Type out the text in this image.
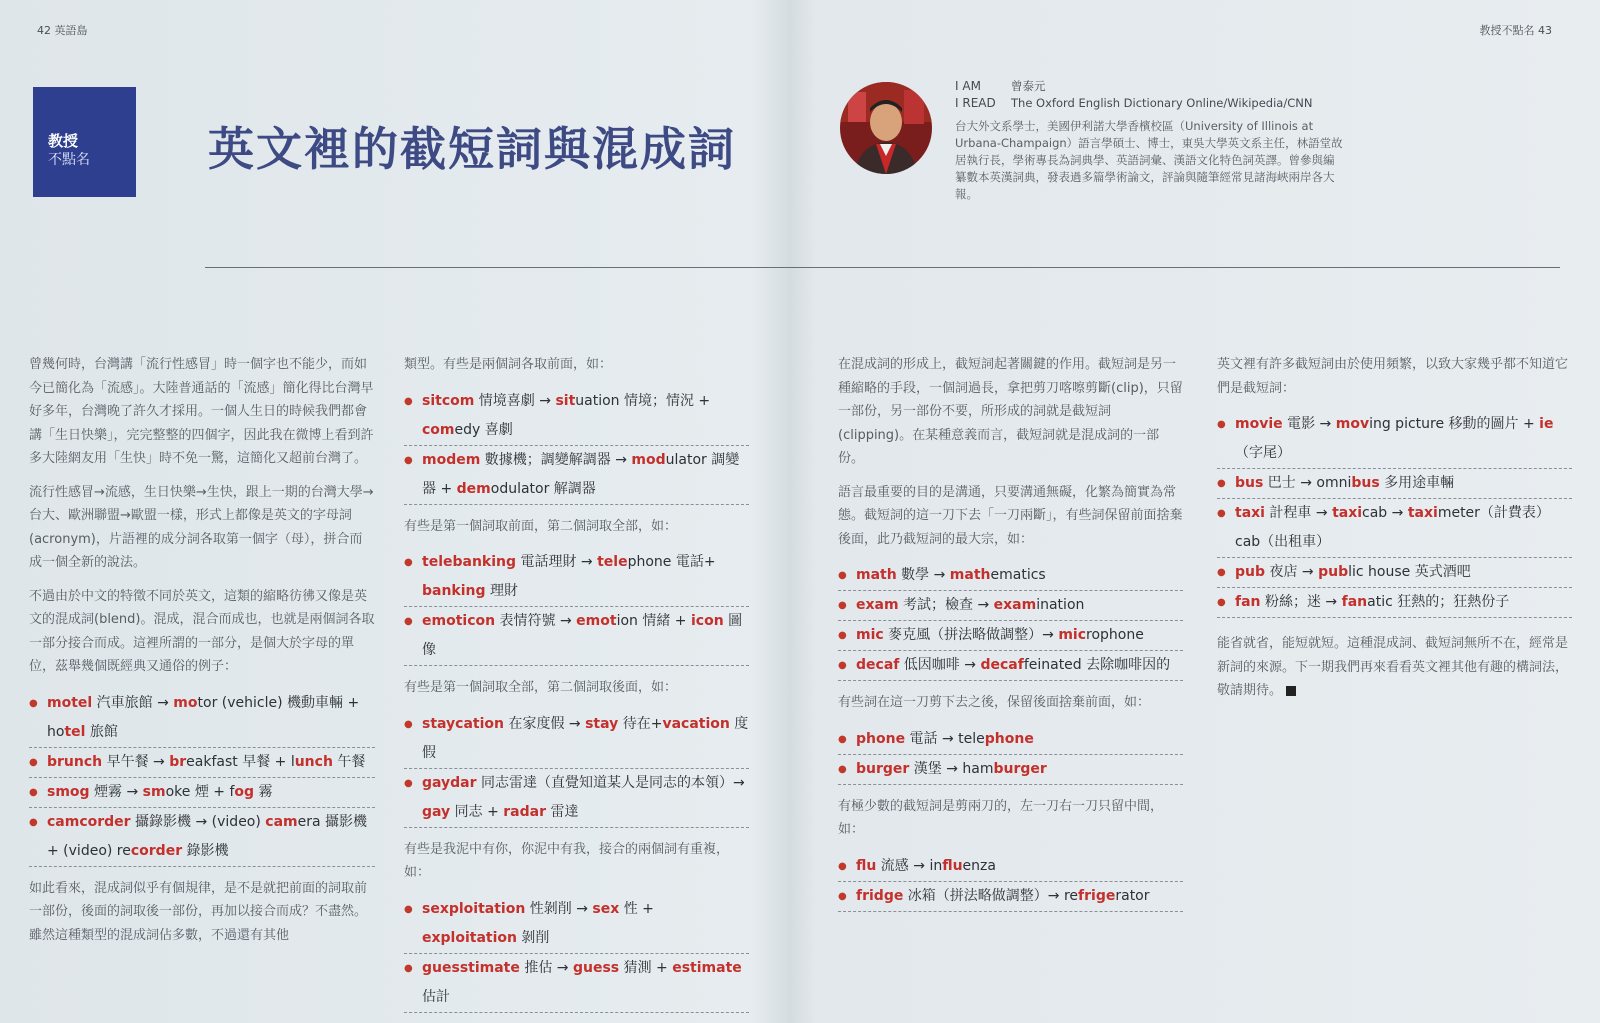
42 英語島	教授不點名 43
教授
不點名	英文裡的截短詞與混成詞
I AM	曾泰元
I READ The Oxford English Dictionary Online/Wikipedia/CNN
台大外文系學士，美國伊利諾大學香檳校區（University of Illinois at Urbana-Champaign）語言學碩士、博士，東吳大學英文系主任，林語堂故居執行長，學術專長為詞典學、英語詞彙、漢語文化特色詞英譯。曾參與編纂數本英漢詞典，發表過多篇學術論文，評論與隨筆經常見諸海峽兩岸各大報。

曾幾何時，台灣講「流行性感冒」時一個字也不能少，而如今已簡化為「流感」。大陸普通話的「流感」簡化得比台灣早好多年，台灣晚了許久才採用。一個人生日的時候我們都會講「生日快樂」，完完整整的四個字，因此我在微博上看到許多大陸網友用「生快」時不免一驚，這簡化又超前台灣了。

流行性感冒→流感，生日快樂→生快，跟上一期的台灣大學→台大、歐洲聯盟→歐盟一樣，形式上都像是英文的字母詞(acronym)，片語裡的成分詞各取第一個字（母），拼合而成一個全新的說法。

不過由於中文的特徵不同於英文，這類的縮略彷彿又像是英文的混成詞(blend)。混成，混合而成也，也就是兩個詞各取一部分接合而成。這裡所謂的一部分，是個大於字母的單位，茲舉幾個既經典又通俗的例子：

● motel 汽車旅館 → motor (vehicle) 機動車輛 + hotel 旅館
● brunch 早午餐 → breakfast 早餐 + lunch 午餐
● smog 煙霧 → smoke 煙 + fog 霧
● camcorder 攝錄影機 → (video) camera 攝影機 + (video) recorder 錄影機

如此看來，混成詞似乎有個規律，是不是就把前面的詞取前一部份，後面的詞取後一部份，再加以接合而成？不盡然。雖然這種類型的混成詞佔多數，不過還有其他

類型。有些是兩個詞各取前面，如：

● sitcom 情境喜劇 → situation 情境；情況 + comedy 喜劇
● modem 數據機；調變解調器 → modulator 調變器 + demodulator 解調器

有些是第一個詞取前面，第二個詞取全部，如：

● telebanking 電話理財 → telephone 電話+ banking 理財
● emoticon 表情符號 → emotion 情緒 + icon 圖像

有些是第一個詞取全部，第二個詞取後面，如：

● staycation 在家度假 → stay 待在+vacation 度假
● gaydar 同志雷達（直覺知道某人是同志的本領）→ gay 同志 + radar 雷達

有些是我泥中有你，你泥中有我，接合的兩個詞有重複，如：

● sexploitation 性剝削 → sex 性 + exploitation 剝削
● guesstimate 推估 → guess 猜測 + estimate 估計

在混成詞的形成上，截短詞起著關鍵的作用。截短詞是另一種縮略的手段，一個詞過長，拿把剪刀喀嚓剪斷(clip)，只留一部份，另一部份不要，所形成的詞就是截短詞(clipping)。在某種意義而言，截短詞就是混成詞的一部份。

語言最重要的目的是溝通，只要溝通無礙，化繁為簡實為常態。截短詞的這一刀下去「一刀兩斷」，有些詞保留前面捨棄後面，此乃截短詞的最大宗，如：

● math 數學 → mathematics
● exam 考試；檢查 → examination
● mic 麥克風（拼法略做調整）→ microphone
● decaf 低因咖啡 → decaffeinated 去除咖啡因的

有些詞在這一刀剪下去之後，保留後面捨棄前面，如：

● phone 電話 → telephone
● burger 漢堡 → hamburger

有極少數的截短詞是剪兩刀的，左一刀右一刀只留中間，如：

● flu 流感 → influenza
● fridge 冰箱（拼法略做調整）→ refrigerator

英文裡有許多截短詞由於使用頻繁，以致大家幾乎都不知道它們是截短詞：

● movie 電影 → moving picture 移動的圖片 + ie（字尾）
● bus 巴士 → omnibus 多用途車輛
● taxi 計程車 → taxicab → taximeter（計費表）cab（出租車）
● pub 夜店 → public house 英式酒吧
● fan 粉絲；迷 → fanatic 狂熱的；狂熱份子

能省就省，能短就短。這種混成詞、截短詞無所不在，經常是新詞的來源。下一期我們再來看看英文裡其他有趣的構詞法，敬請期待。
